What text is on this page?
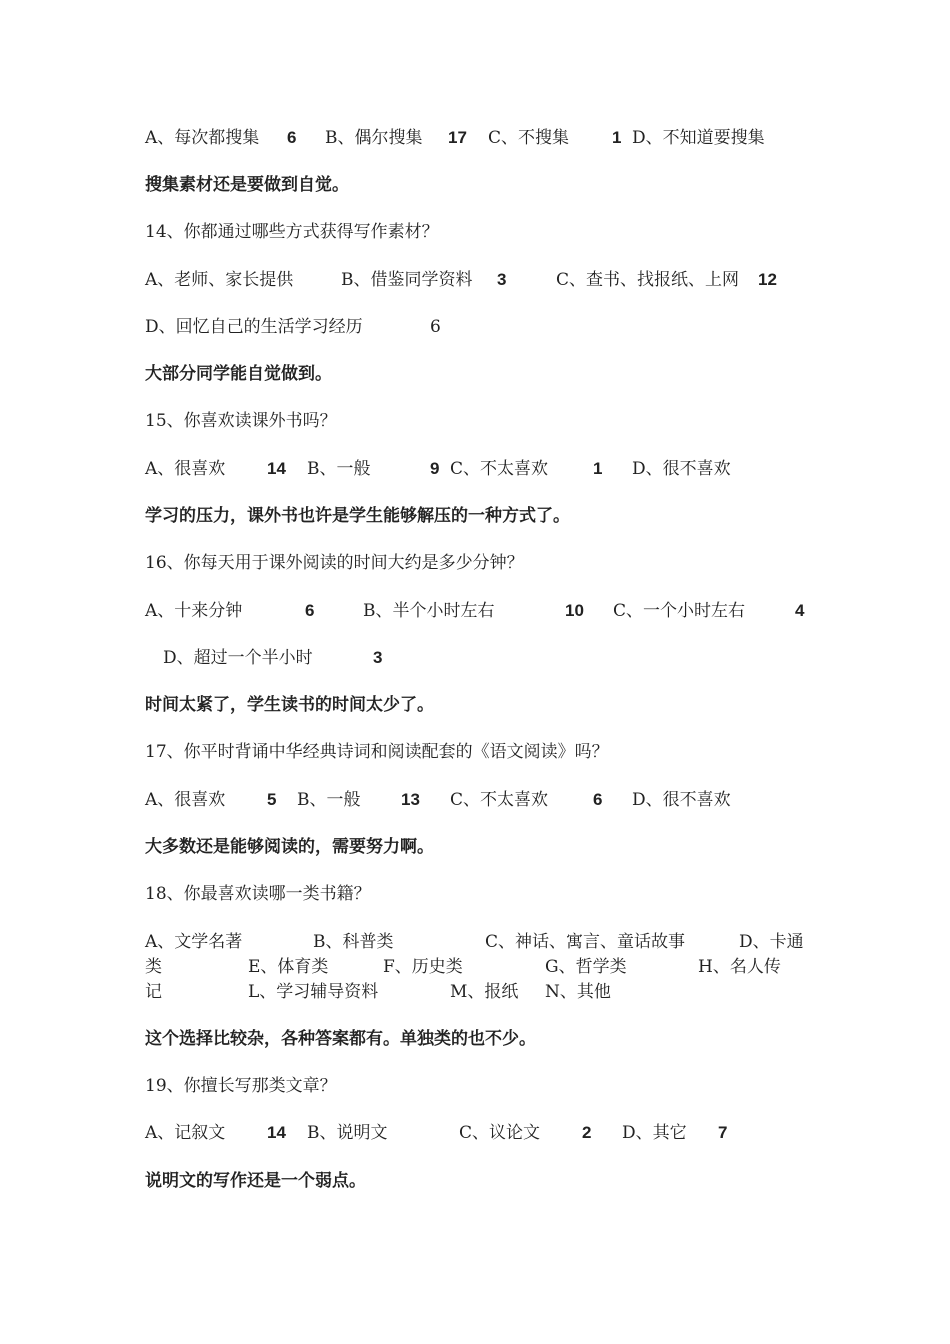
A、每次都搜集 6 B、偶尔搜集 17 C、不搜集	1 D、不知道要搜集
搜集素材还是要做到自觉。
14、你都通过哪些方式获得写作素材？
A、老师、家长提供	B、借鉴同学资料 3	C、查书、找报纸、上网 12
D、回忆自己的生活学习经历	6
大部分同学能自觉做到。
15、你喜欢读课外书吗？
A、很喜欢 14 B、一般	9 C、不太喜欢	1 D、很不喜欢
学习的压力，课外书也许是学生能够解压的一种方式了。
16、你每天用于课外阅读的时间大约是多少分钟？
A、十来分钟	6	B、半个小时左右	10 C、一个小时左右	4
D、超过一个半小时	3
时间太紧了，学生读书的时间太少了。
17、你平时背诵中华经典诗词和阅读配套的《语文阅读》吗？
A、很喜欢 5 B、一般 13 C、不太喜欢	6 D、很不喜欢
大多数还是能够阅读的，需要努力啊。
18、你最喜欢读哪一类书籍？
A、文学名著	B、科普类	C、神话、寓言、童话故事	D、卡通
类	E、体育类	F、历史类	G、哲学类	H、名人传
记	L、学习辅导资料	M、报纸 N、其他
这个选择比较杂，各种答案都有。单独类的也不少。
19、你擅长写那类文章？
A、记叙文 14 B、说明文	C、议论文 2 D、其它 7
说明文的写作还是一个弱点。
